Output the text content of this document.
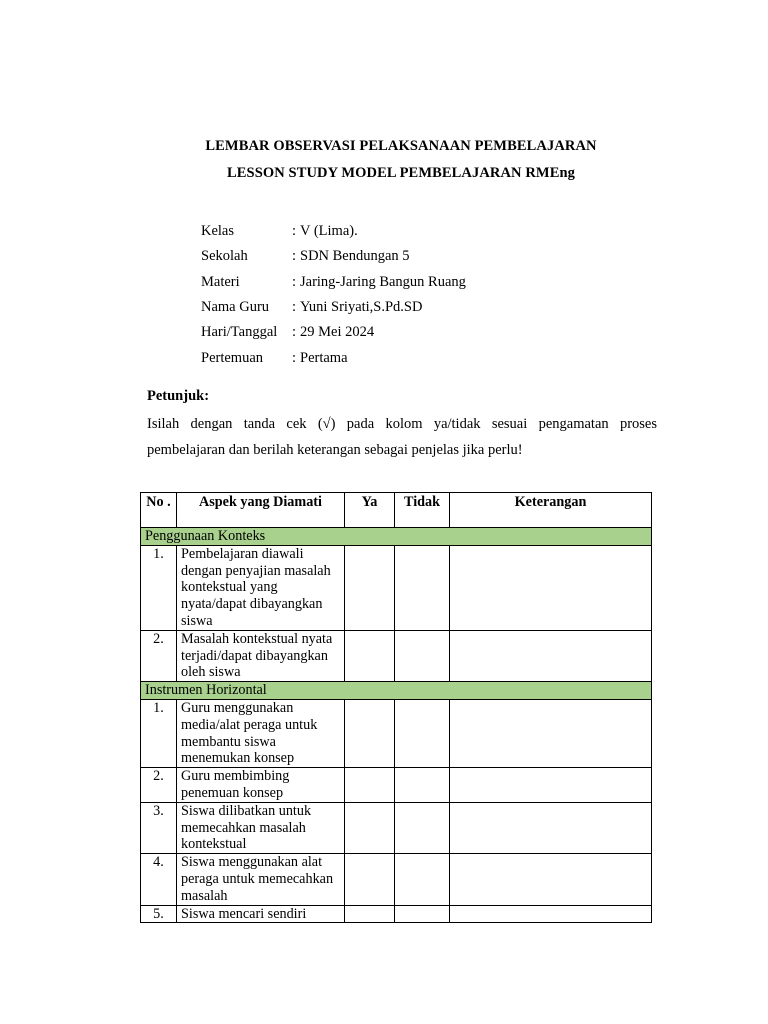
LEMBAR OBSERVASI PELAKSANAAN PEMBELAJARAN
LESSON STUDY MODEL PEMBELAJARAN RMEng
Kelas	: V (Lima).
Sekolah	: SDN Bendungan 5
Materi	: Jaring-Jaring Bangun Ruang
Nama Guru	: Yuni Sriyati,S.Pd.SD
Hari/Tanggal	: 29 Mei 2024
Pertemuan	: Pertama
Petunjuk:
Isilah dengan tanda cek (√) pada kolom ya/tidak sesuai pengamatan proses pembelajaran dan berilah keterangan sebagai penjelas jika perlu!
No .	Aspek yang Diamati	Ya	Tidak	Keterangan
Penggunaan Konteks				
1.	Pembelajaran diawali dengan penyajian masalah kontekstual yang nyata/dapat dibayangkan siswa			
2.	Masalah kontekstual nyata terjadi/dapat dibayangkan oleh siswa			
Instrumen Horizontal				
1.	Guru menggunakan media/alat peraga untuk membantu siswa menemukan konsep			
2.	Guru membimbing penemuan konsep			
3.	Siswa dilibatkan untuk memecahkan masalah kontekstual			
4.	Siswa menggunakan alat peraga untuk memecahkan masalah			
5.	Siswa mencari sendiri			
